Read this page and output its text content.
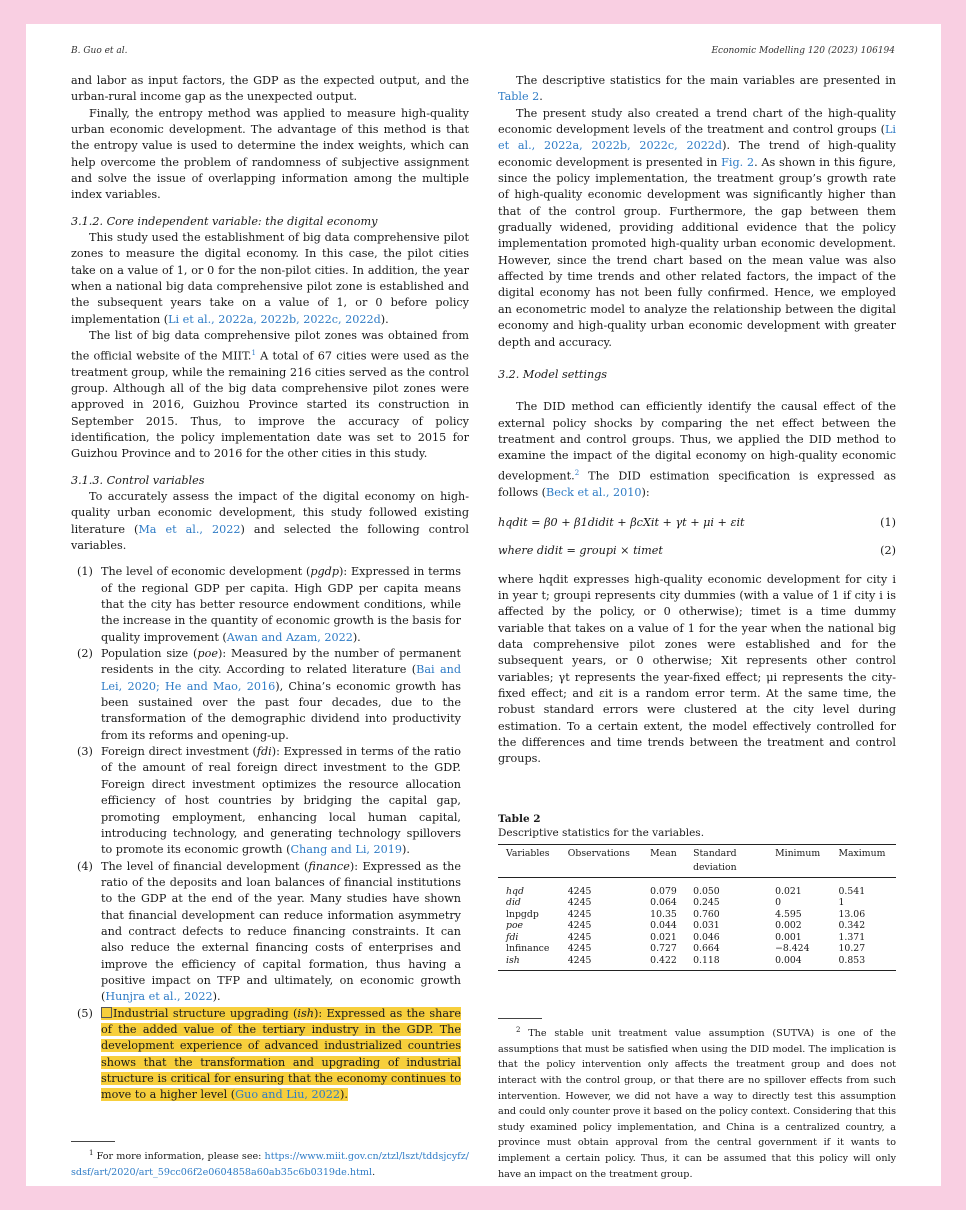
B. Guo et al.	Economic Modelling 120 (2023) 106194

and labor as input factors, the GDP as the expected output, and the urban-rural income gap as the unexpected output.

Finally, the entropy method was applied to measure high-quality urban economic development. The advantage of this method is that the entropy value is used to determine the index weights, which can help overcome the problem of randomness of subjective assignment and solve the issue of overlapping information among the multiple index variables.

3.1.2. Core independent variable: the digital economy

This study used the establishment of big data comprehensive pilot zones to measure the digital economy. In this case, the pilot cities take on a value of 1, or 0 for the non-pilot cities. In addition, the year when a national big data comprehensive pilot zone is established and the subsequent years take on a value of 1, or 0 before policy implementation (Li et al., 2022a, 2022b, 2022c, 2022d).

The list of big data comprehensive pilot zones was obtained from the official website of the MIIT.$^1$ A total of 67 cities were used as the treatment group, while the remaining 216 cities served as the control group. Although all of the big data comprehensive pilot zones were approved in 2016, Guizhou Province started its construction in September 2015. Thus, to improve the accuracy of policy identification, the policy implementation date was set to 2015 for Guizhou Province and to 2016 for the other cities in this study.

3.1.3. Control variables

To accurately assess the impact of the digital economy on high-quality urban economic development, this study followed existing literature (Ma et al., 2022) and selected the following control variables.

(1) The level of economic development (pgdp): Expressed in terms of the regional GDP per capita. High GDP per capita means that the city has better resource endowment conditions, while the increase in the quantity of economic growth is the basis for quality improvement (Awan and Azam, 2022).
(2) Population size (poe): Measured by the number of permanent residents in the city. According to related literature (Bai and Lei, 2020; He and Mao, 2016), China’s economic growth has been sustained over the past four decades, due to the transformation of the demographic dividend into productivity from its reforms and opening-up.
(3) Foreign direct investment (fdi): Expressed in terms of the ratio of the amount of real foreign direct investment to the GDP. Foreign direct investment optimizes the resource allocation efficiency of host countries by bridging the capital gap, promoting employment, enhancing local human capital, introducing technology, and generating technology spillovers to promote its economic growth (Chang and Li, 2019).
(4) The level of financial development (finance): Expressed as the ratio of the deposits and loan balances of financial institutions to the GDP at the end of the year. Many studies have shown that financial development can reduce information asymmetry and contract defects to reduce financing constraints. It can also reduce the external financing costs of enterprises and improve the efficiency of capital formation, thus having a positive impact on TFP and ultimately, on economic growth (Hunjra et al., 2022).
(5) Industrial structure upgrading (ish): Expressed as the share of the added value of the tertiary industry in the GDP. The development experience of advanced industrialized countries shows that the transformation and upgrading of industrial structure is critical for ensuring that the economy continues to move to a higher level (Guo and Liu, 2022).

$^1$ For more information, please see: https://www.miit.gov.cn/ztzl/lszt/tddsjcyfz/sdsf/art/2020/art_59cc06f2e0604858a60ab35c6b0319de.html.

The descriptive statistics for the main variables are presented in Table 2.

The present study also created a trend chart of the high-quality economic development levels of the treatment and control groups (Li et al., 2022a, 2022b, 2022c, 2022d). The trend of high-quality economic development is presented in Fig. 2. As shown in this figure, since the policy implementation, the treatment group’s growth rate of high-quality economic development was significantly higher than that of the control group. Furthermore, the gap between them gradually widened, providing additional evidence that the policy implementation promoted high-quality urban economic development. However, since the trend chart based on the mean value was also affected by time trends and other related factors, the impact of the digital economy has not been fully confirmed. Hence, we employed an econometric model to analyze the relationship between the digital economy and high-quality urban economic development with greater depth and accuracy.

3.2. Model settings

The DID method can efficiently identify the causal effect of the external policy shocks by comparing the net effect between the treatment and control groups. Thus, we applied the DID method to examine the impact of the digital economy on high-quality economic development.$^2$ The DID estimation specification is expressed as follows (Beck et al., 2010):

hqdit = β0 + β1didit + βcXit + γt + μi + εit	(1)
where didit = groupi × timet	(2)

where hqdit expresses high-quality economic development for city i in year t; groupi represents city dummies (with a value of 1 if city i is affected by the policy, or 0 otherwise); timet is a time dummy variable that takes on a value of 1 for the year when the national big data comprehensive pilot zones were established and for the subsequent years, or 0 otherwise; Xit represents other control variables; γt represents the year-fixed effect; μi represents the city-fixed effect; and εit is a random error term. At the same time, the robust standard errors were clustered at the city level during estimation. To a certain extent, the model effectively controlled for the differences and time trends between the treatment and control groups.

Table 2
Descriptive statistics for the variables.
Variables	Observations	Mean	Standard deviation	Minimum	Maximum
hqd	4245	0.079	0.050	0.021	0.541
did	4245	0.064	0.245	0	1
lnpgdp	4245	10.35	0.760	4.595	13.06
poe	4245	0.044	0.031	0.002	0.342
fdi	4245	0.021	0.046	0.001	1.371
lnfinance	4245	0.727	0.664	−8.424	10.27
ish	4245	0.422	0.118	0.004	0.853

$^2$ The stable unit treatment value assumption (SUTVA) is one of the assumptions that must be satisfied when using the DID model. The implication is that the policy intervention only affects the treatment group and does not interact with the control group, or that there are no spillover effects from such intervention. However, we did not have a way to directly test this assumption and could only counter prove it based on the policy context. Considering that this study examined policy implementation, and China is a centralized country, a province must obtain approval from the central government if it wants to implement a certain policy. Thus, it can be assumed that this policy will only have an impact on the treatment group.
